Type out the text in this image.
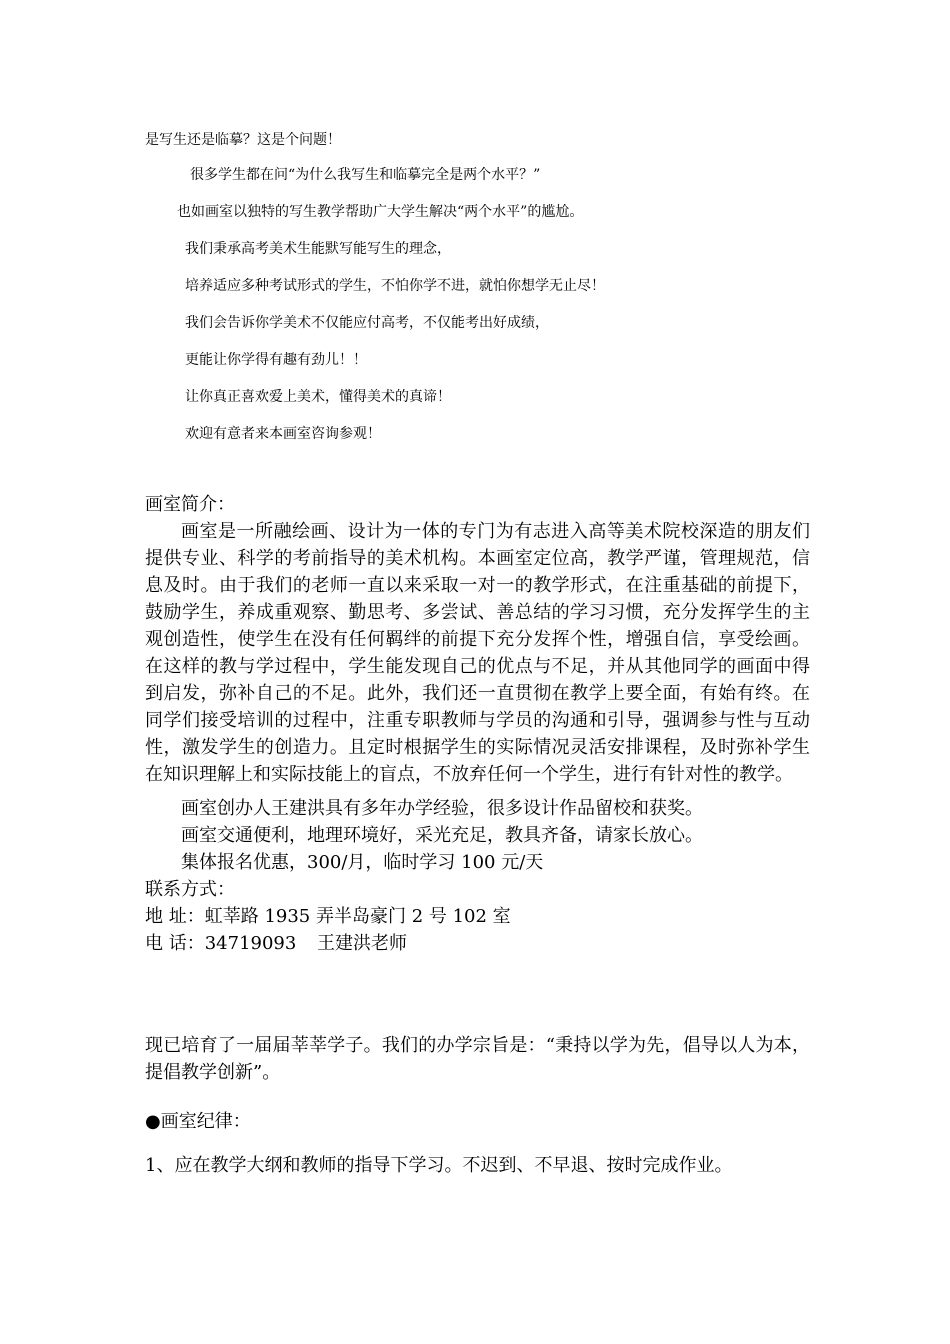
是写生还是临摹？这是个问题！
很多学生都在问“为什么我写生和临摹完全是两个水平？”
也如画室以独特的写生教学帮助广大学生解决“两个水平”的尴尬。
我们秉承高考美术生能默写能写生的理念，
培养适应多种考试形式的学生，不怕你学不进，就怕你想学无止尽！
我们会告诉你学美术不仅能应付高考，不仅能考出好成绩，
更能让你学得有趣有劲儿！！
让你真正喜欢爱上美术，懂得美术的真谛！
欢迎有意者来本画室咨询参观！
画室简介：
画室是一所融绘画、设计为一体的专门为有志进入高等美术院校深造的朋友们提供专业、科学的考前指导的美术机构。本画室定位高，教学严谨，管理规范，信息及时。由于我们的老师一直以来采取一对一的教学形式，在注重基础的前提下，鼓励学生，养成重观察、勤思考、多尝试、善总结的学习习惯，充分发挥学生的主观创造性，使学生在没有任何羁绊的前提下充分发挥个性，增强自信，享受绘画。在这样的教与学过程中，学生能发现自己的优点与不足，并从其他同学的画面中得到启发，弥补自己的不足。此外，我们还一直贯彻在教学上要全面，有始有终。在同学们接受培训的过程中，注重专职教师与学员的沟通和引导，强调参与性与互动性，激发学生的创造力。且定时根据学生的实际情况灵活安排课程，及时弥补学生在知识理解上和实际技能上的盲点，不放弃任何一个学生，进行有针对性的教学。
画室创办人王建洪具有多年办学经验，很多设计作品留校和获奖。
画室交通便利，地理环境好，采光充足，教具齐备，请家长放心。
集体报名优惠，300/月，临时学习 100 元/天
联系方式：
地 址：虹莘路 1935 弄半岛豪门 2 号 102 室
电 话：34719093 王建洪老师
现已培育了一届届莘莘学子。我们的办学宗旨是：“秉持以学为先，倡导以人为本，提倡教学创新”。
●画室纪律：
1、应在教学大纲和教师的指导下学习。不迟到、不早退、按时完成作业。
